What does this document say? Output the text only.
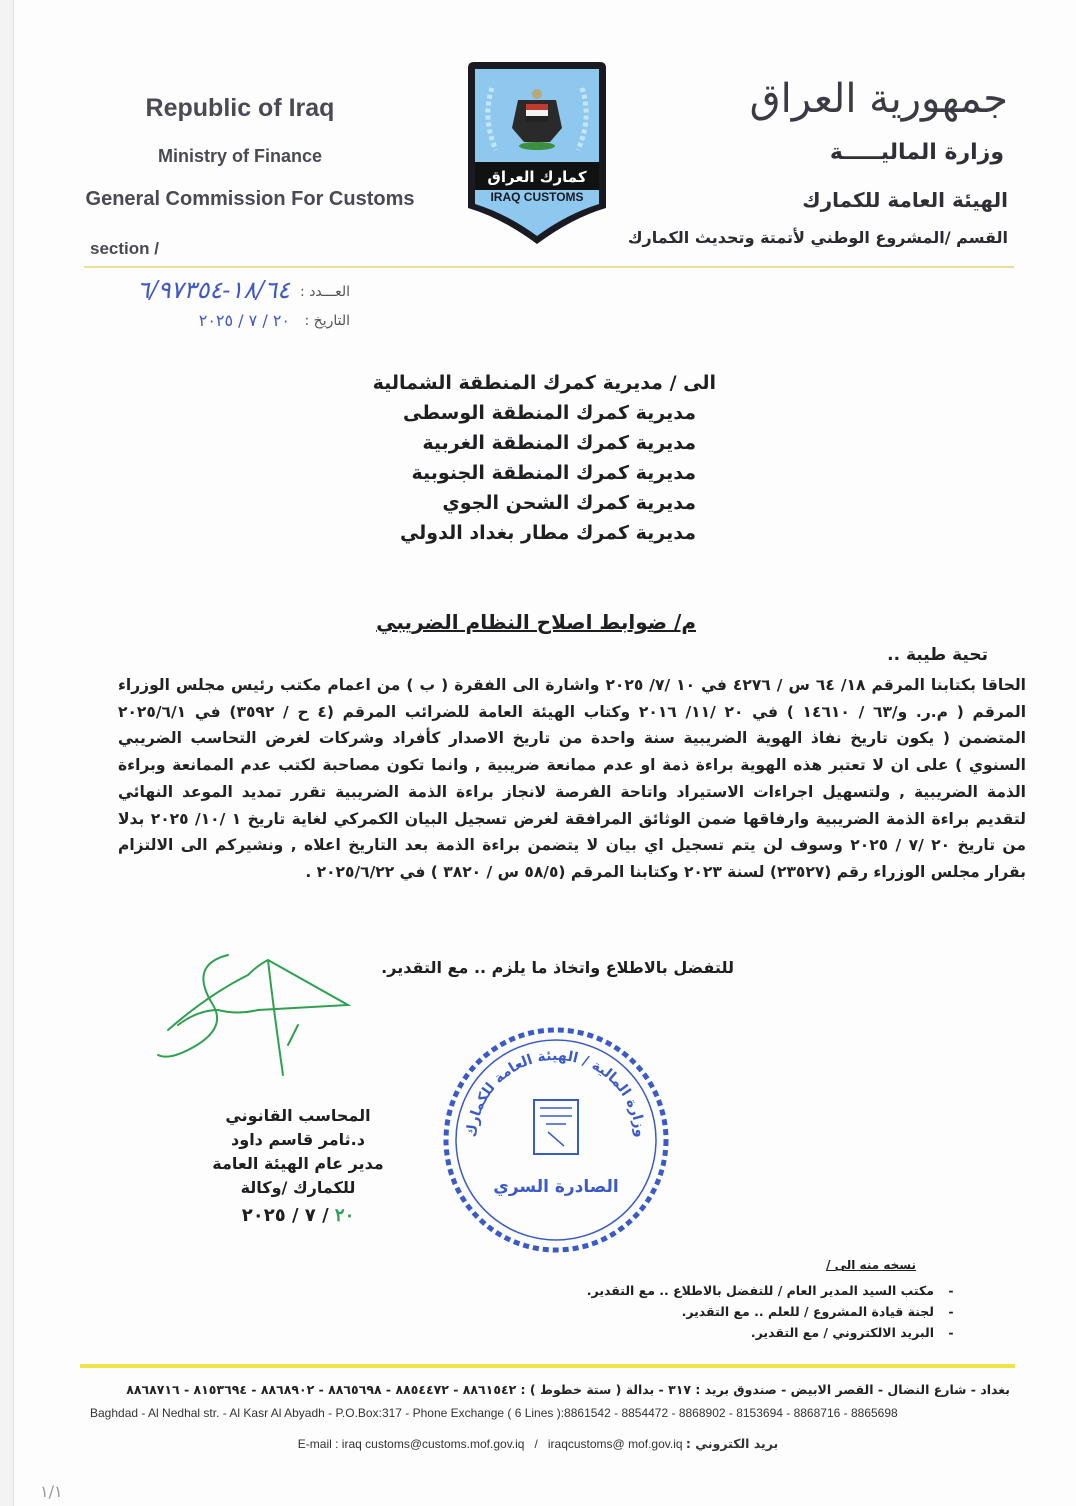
Republic of Iraq
Ministry of Finance
General Commission For Customs
section /
كمارك العراق
IRAQ CUSTOMS
جمهورية العراق
وزارة الماليـــــة
الهيئة العامة للكمارك
القسم /المشروع الوطني لأتمتة وتحديث الكمارك
العـــدد :
١٨/٦٤-٦/٩٧٣٥٤
التاريخ :
٢٠ / ٧ / ٢٠٢٥
الى / مديرية كمرك المنطقة الشمالية
مديرية كمرك المنطقة الوسطى
مديرية كمرك المنطقة الغربية
مديرية كمرك المنطقة الجنوبية
مديرية كمرك الشحن الجوي
مديرية كمرك مطار بغداد الدولي
م/ ضوابط اصلاح النظام الضريبي
تحية طيبة ..
الحاقا بكتابنا المرقم ١٨/ ٦٤ س / ٤٢٧٦ في ١٠ /٧/ ٢٠٢٥ واشارة الى الفقرة ( ب ) من اعمام مكتب رئيس مجلس الوزراء المرقم ( م.ر. و/٦٣ / ١٤٦١٠ ) في ٢٠ /١١/ ٢٠١٦ وكتاب الهيئة العامة للضرائب المرقم (٤ ح / ٣٥٩٢) في ٢٠٢٥/٦/١ المتضمن ( يكون تاريخ نفاذ الهوية الضريبية سنة واحدة من تاريخ الاصدار كأفراد وشركات لغرض التحاسب الضريبي السنوي ) على ان لا تعتبر هذه الهوية براءة ذمة او عدم ممانعة ضريبية , وانما تكون مصاحبة لكتب عدم الممانعة وبراءة الذمة الضريبية , ولتسهيل اجراءات الاستيراد واتاحة الفرصة لانجاز براءة الذمة الضريبية تقرر تمديد الموعد النهائي لتقديم براءة الذمة الضريبية وارفاقها ضمن الوثائق المرافقة لغرض تسجيل البيان الكمركي لغاية تاريخ ١ /١٠/ ٢٠٢٥ بدلا من تاريخ ٢٠ /٧ / ٢٠٢٥ وسوف لن يتم تسجيل اي بيان لا يتضمن براءة الذمة بعد التاريخ اعلاه , ونشيركم الى الالتزام بقرار مجلس الوزراء رقم (٢٣٥٢٧) لسنة ٢٠٢٣ وكتابنا المرقم (٥٨/٥ س / ٣٨٢٠ ) في ٢٠٢٥/٦/٢٢ .
للتفضل بالاطلاع واتخاذ ما يلزم .. مع التقدير.
وزارة المالية / الهيئة العامة للكمارك
الصادرة السري
المحاسب القانوني
د.ثامر قاسم داود
مدير عام الهيئة العامة للكمارك /وكالة
٢٠ / ٧ / ٢٠٢٥
نسخه منه الى /
-مكتب السيد المدير العام / للتفضل بالاطلاع .. مع التقدير.
-لجنة قيادة المشروع / للعلم .. مع التقدير.
-البريد الالكتروني / مع التقدير.
بغداد - شارع النضال - القصر الابيض - صندوق بريد : ٣١٧ - بدالة ( ستة خطوط ) : ٨٨٦١٥٤٢ - ٨٨٥٤٤٧٢ - ٨٨٦٥٦٩٨ - ٨٨٦٨٩٠٢ - ٨١٥٣٦٩٤ - ٨٨٦٨٧١٦
Baghdad - Al Nedhal str. - Al Kasr Al Abyadh - P.O.Box:317 - Phone Exchange ( 6 Lines ):8861542 - 8854472 - 8868902 - 8153694 - 8868716 - 8865698
E-mail : iraq customs@customs.mof.gov.iq / iraqcustoms@ mof.gov.iq : بريد الكتروني
١/١
